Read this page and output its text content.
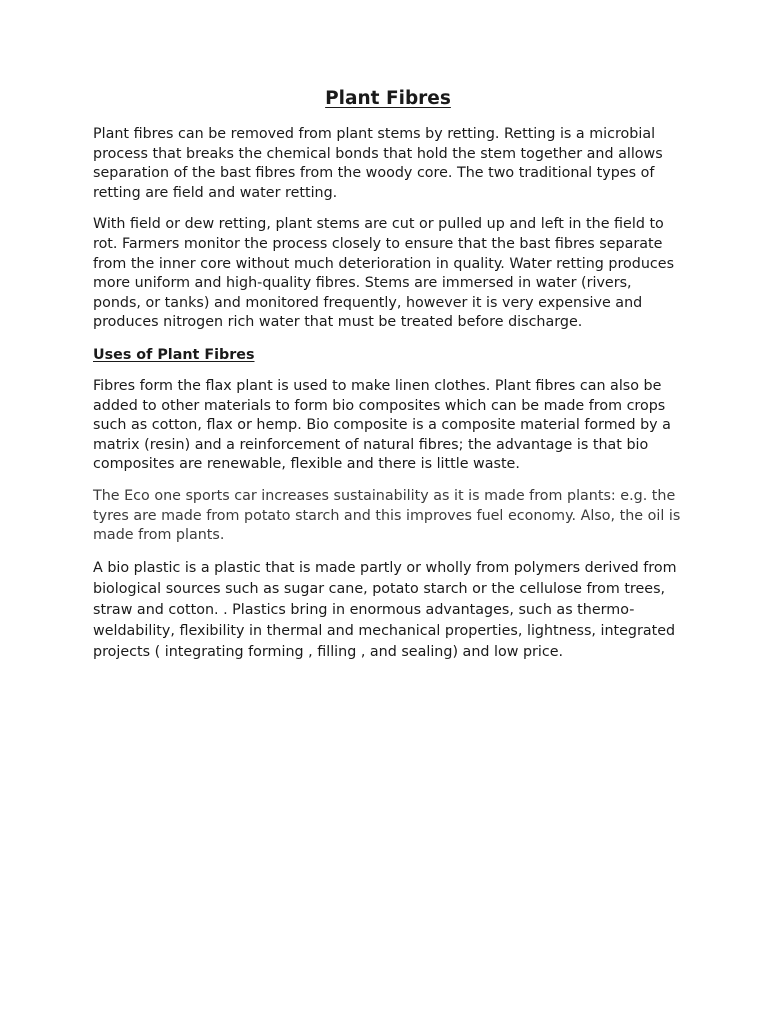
Plant Fibres

Plant fibres can be removed from plant stems by retting. Retting is a microbial process that breaks the chemical bonds that hold the stem together and allows separation of the bast fibres from the woody core. The two traditional types of retting are field and water retting.

With field or dew retting, plant stems are cut or pulled up and left in the field to rot. Farmers monitor the process closely to ensure that the bast fibres separate from the inner core without much deterioration in quality. Water retting produces more uniform and high-quality fibres. Stems are immersed in water (rivers, ponds, or tanks) and monitored frequently, however it is very expensive and produces nitrogen rich water that must be treated before discharge.

Uses of Plant Fibres

Fibres form the flax plant is used to make linen clothes. Plant fibres can also be added to other materials to form bio composites which can be made from crops such as cotton, flax or hemp. Bio composite is a composite material formed by a matrix (resin) and a reinforcement of natural fibres; the advantage is that bio composites are renewable, flexible and there is little waste.

The Eco one sports car increases sustainability as it is made from plants: e.g. the tyres are made from potato starch and this improves fuel economy. Also, the oil is made from plants.

A bio plastic is a plastic that is made partly or wholly from polymers derived from biological sources such as sugar cane, potato starch or the cellulose from trees, straw and cotton. . Plastics bring in enormous advantages, such as thermo-weldability, flexibility in thermal and mechanical properties, lightness, integrated projects ( integrating forming , filling , and sealing) and low price.
